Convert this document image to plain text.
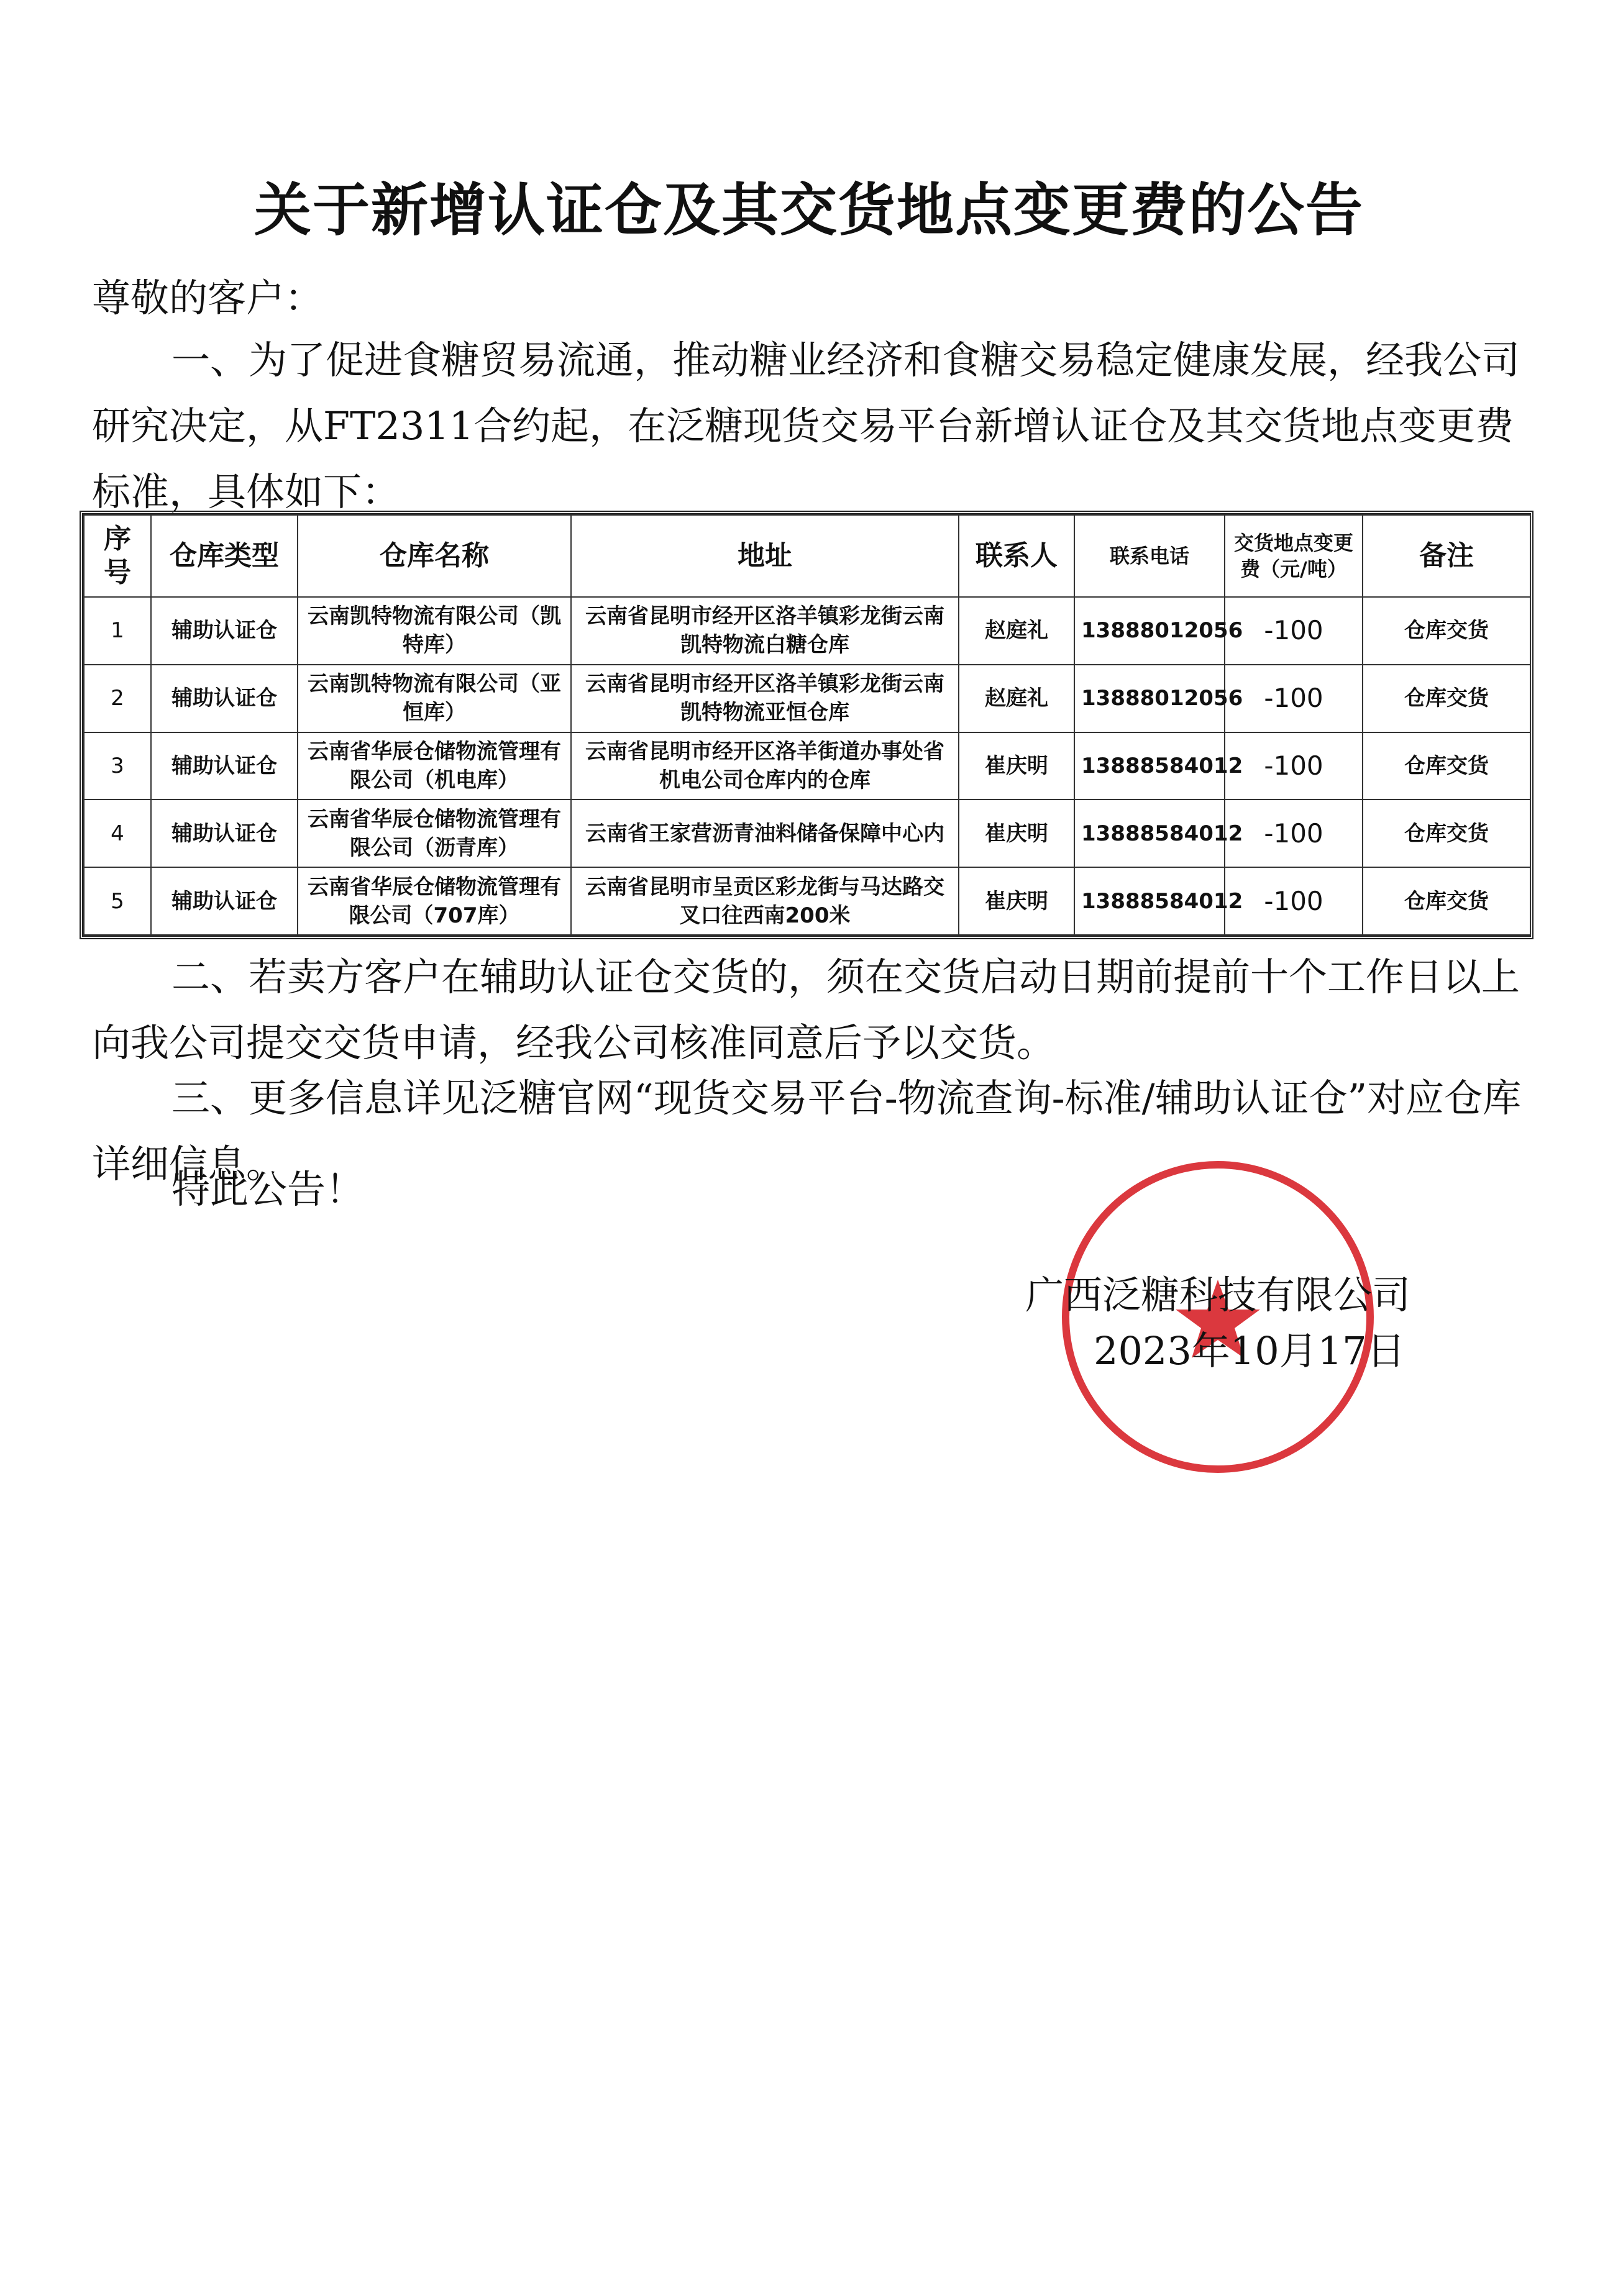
关于新增认证仓及其交货地点变更费的公告
尊敬的客户：
一、为了促进食糖贸易流通，推动糖业经济和食糖交易稳定健康发展，经我公司研究决定，从FT2311合约起，在泛糖现货交易平台新增认证仓及其交货地点变更费标准，具体如下：
序号	仓库类型	仓库名称	地址	联系人	联系电话	交货地点变更费（元/吨）	备注
1	辅助认证仓	云南凯特物流有限公司（凯特库）	云南省昆明市经开区洛羊镇彩龙街云南凯特物流白糖仓库	赵庭礼	13888012056	-100	仓库交货
2	辅助认证仓	云南凯特物流有限公司（亚恒库）	云南省昆明市经开区洛羊镇彩龙街云南凯特物流亚恒仓库	赵庭礼	13888012056	-100	仓库交货
3	辅助认证仓	云南省华辰仓储物流管理有限公司（机电库）	云南省昆明市经开区洛羊街道办事处省机电公司仓库内的仓库	崔庆明	13888584012	-100	仓库交货
4	辅助认证仓	云南省华辰仓储物流管理有限公司（沥青库）	云南省王家营沥青油料储备保障中心内	崔庆明	13888584012	-100	仓库交货
5	辅助认证仓	云南省华辰仓储物流管理有限公司（707库）	云南省昆明市呈贡区彩龙街与马达路交叉口往西南200米	崔庆明	13888584012	-100	仓库交货
二、若卖方客户在辅助认证仓交货的，须在交货启动日期前提前十个工作日以上向我公司提交交货申请，经我公司核准同意后予以交货。
三、更多信息详见泛糖官网“现货交易平台-物流查询-标准/辅助认证仓”对应仓库详细信息。
特此公告！
广西泛糖科技有限公司
2023年10月17日
